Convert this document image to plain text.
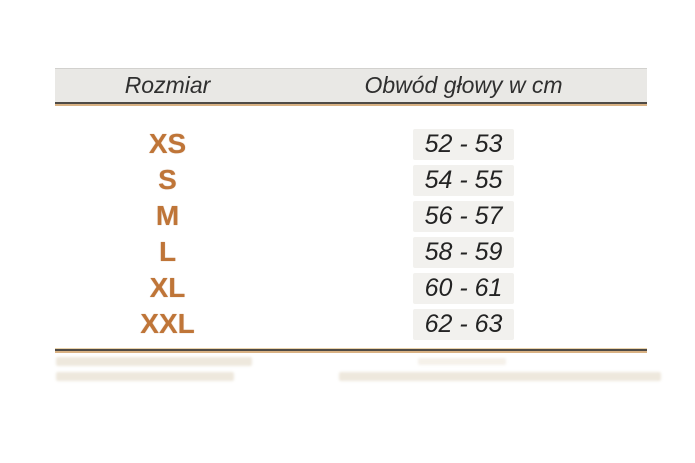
Rozmiar	Obwód głowy w cm
XS	52 - 53
S	54 - 55
M	56 - 57
L	58 - 59
XL	60 - 61
XXL	62 - 63
